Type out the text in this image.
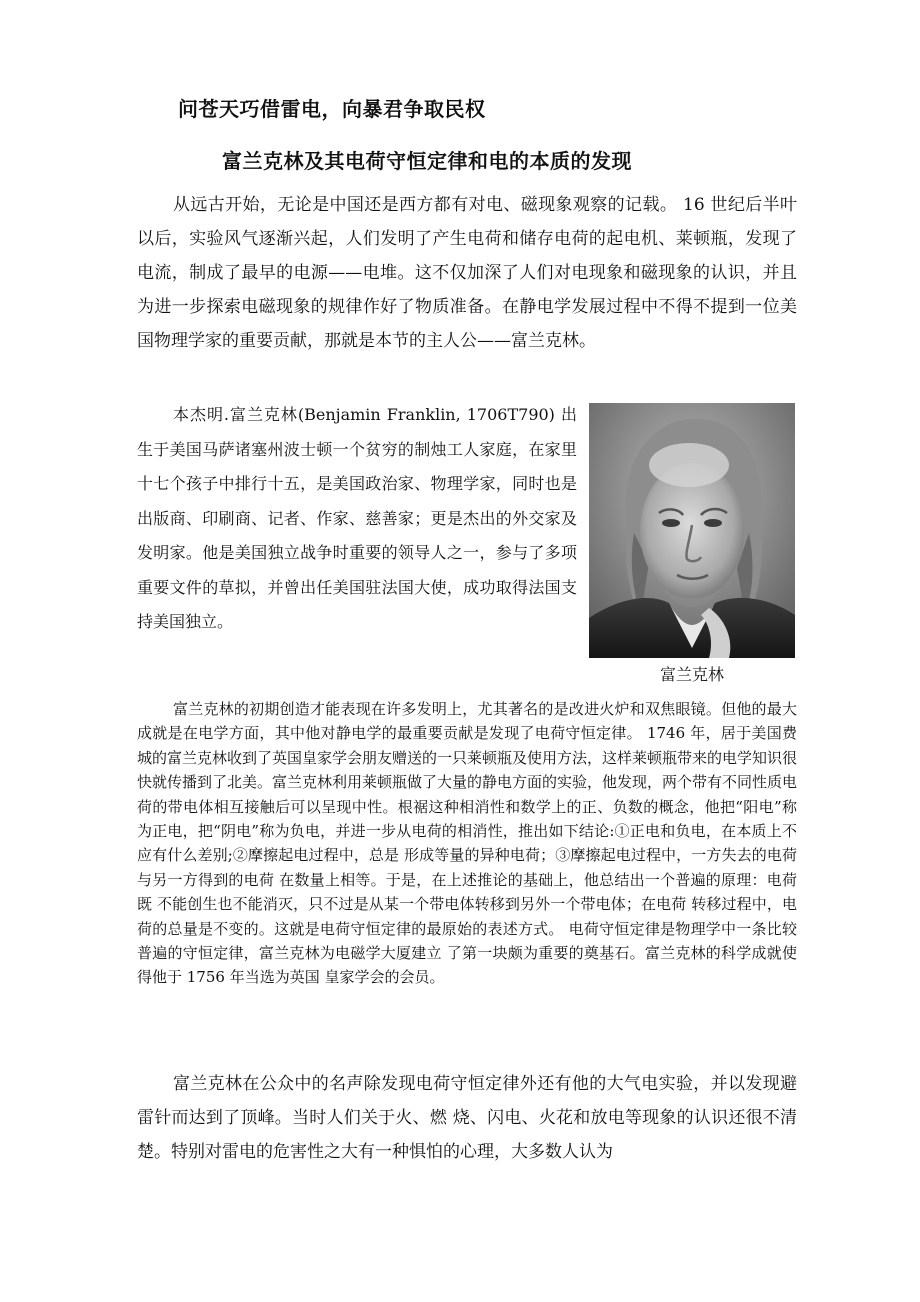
问苍天巧借雷电，向暴君争取民权
富兰克林及其电荷守恒定律和电的本质的发现

从远古开始，无论是中国还是西方都有对电、磁现象观察的记载。 16 世纪后半叶以后，实验风气逐渐兴起，人们发明了产生电荷和储存电荷的起电机、莱顿瓶，发现了电流，制成了最早的电源——电堆。这不仅加深了人们对电现象和磁现象的认识，并且为进一步探索电磁现象的规律作好了物质准备。在静电学发展过程中不得不提到一位美国物理学家的重要贡献，那就是本节的主人公——富兰克林。

本杰明.富兰克林(Benjamin Franklin, 1706T790) 出生于美国马萨诸塞州波士顿一个贫穷的制烛工人家庭，在家里十七个孩子中排行十五，是美国政治家、物理学家，同时也是出版商、印刷商、记者、作家、慈善家；更是杰出的外交家及发明家。他是美国独立战争时重要的领导人之一，参与了多项重要文件的草拟，并曾出任美国驻法国大使，成功取得法国支持美国独立。

富兰克林

富兰克林的初期创造才能表现在许多发明上，尤其著名的是改进火炉和双焦眼镜。但他的最大成就是在电学方面，其中他对静电学的最重要贡献是发现了电荷守恒定律。 1746 年，居于美国费城的富兰克林收到了英国皇家学会朋友赠送的一只莱顿瓶及使用方法，这样莱顿瓶带来的电学知识很快就传播到了北美。富兰克林利用莱顿瓶做了大量的静电方面的实验，他发现，两个带有不同性质电荷的带电体相互接触后可以呈现中性。根裾这种相消性和数学上的正、负数的概念，他把“阳电”称为正电，把“阴电”称为负电，并进一步从电荷的相消性，推出如下结论:①正电和负电，在本质上不应有什么差别;②摩擦起电过程中，总是 形成等量的异种电荷；③摩擦起电过程中，一方失去的电荷与另一方得到的电荷 在数量上相等。于是，在上述推论的基础上，他总结出一个普遍的原理：电荷既 不能创生也不能消灭，只不过是从某一个带电体转移到另外一个带电体；在电荷 转移过程中，电荷的总量是不变的。这就是电荷守恒定律的最原始的表述方式。 电荷守恒定律是物理学中一条比较普遍的守恒定律，富兰克林为电磁学大厦建立 了第一块颇为重要的奠基石。富兰克林的科学成就使得他于 1756 年当选为英国 皇家学会的会员。

富兰克林在公众中的名声除发现电荷守恒定律外还有他的大气电实验，并以发现避雷针而达到了顶峰。当时人们关于火、燃 烧、闪电、火花和放电等现象的认识还很不清楚。特别对雷电的危害性之大有一种惧怕的心理，大多数人认为
